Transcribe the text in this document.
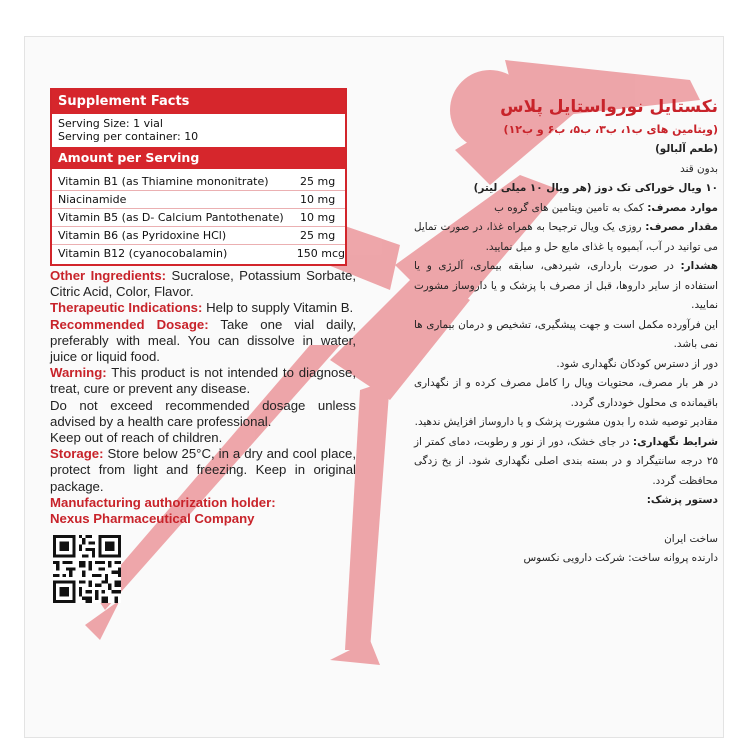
Supplement Facts
Serving Size: 1 vial
Serving per container: 10
Amount per Serving
Vitamin B1 (as Thiamine mononitrate)	25 mg
Niacinamide	10 mg
Vitamin B5 (as D- Calcium Pantothenate)	10 mg
Vitamin B6 (as Pyridoxine HCl)	25 mg
Vitamin B12 (cyanocobalamin)	150 mcg

Other Ingredients: Sucralose, Potassium Sorbate, Citric Acid, Color, Flavor.

Therapeutic Indications: Help to supply Vitamin B.

Recommended Dosage: Take one vial daily, preferably with meal. You can dissolve in water, juice or liquid food.

Warning: This product is not intended to diagnose, treat, cure or prevent any disease.

Do not exceed recommended dosage unless advised by a health care professional.

Keep out of reach of children.

Storage: Store below 25°C, in a dry and cool place, protect from light and freezing. Keep in original package.

Manufacturing authorization holder:

Nexus Pharmaceutical Company

نکستایل نوروا‌ستایل پلاس

(ویتامین های ب۱، ب۳، ب۵، ب۶ و ب۱۲)

(طعم آلبالو)

بدون قند

۱۰ ویال خوراکی تک دوز (هر ویال ۱۰ میلی لیتر)

موارد مصرف: کمک به تامین ویتامین های گروه ب

مقدار مصرف: روزی یک ویال ترجیحا به همراه غذا، در صورت تمایل می توانید در آب، آبمیوه یا غذای مایع حل و میل نمایید.

هشدار: در صورت بارداری، شیردهی، سابقه بیماری، آلرژی و یا استفاده از سایر داروها، قبل از مصرف با پزشک و یا داروساز مشورت نمایید.

این فرآورده مکمل است و جهت پیشگیری، تشخیص و درمان بیماری ها نمی باشد.

دور از دسترس کودکان نگهداری شود.

در هر بار مصرف، محتویات ویال را کامل مصرف کرده و از نگهداری باقیمانده ی محلول خودداری گردد.

مقادیر توصیه شده را بدون مشورت پزشک و یا داروساز افزایش ندهید.

شرایط نگهداری: در جای خشک، دور از نور و رطوبت، دمای کمتر از ۲۵ درجه سانتیگراد و در بسته بندی اصلی نگهداری شود. از یخ زدگی محافظت گردد.

دستور پزشک:

ساخت ایران

دارنده پروانه ساخت: شرکت دارویی نکسوس
